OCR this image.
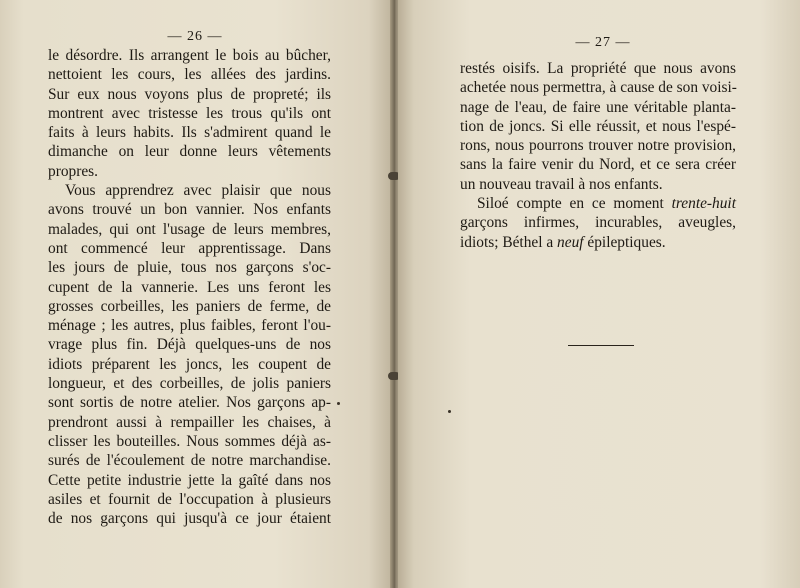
— 26 —
le désordre. Ils arrangent le bois au bûcher,
nettoient les cours, les allées des jardins.
Sur eux nous voyons plus de propreté; ils
montrent avec tristesse les trous qu'ils ont
faits à leurs habits. Ils s'admirent quand le
dimanche on leur donne leurs vêtements
propres.
Vous apprendrez avec plaisir que nous
avons trouvé un bon vannier. Nos enfants
malades, qui ont l'usage de leurs membres,
ont commencé leur apprentissage. Dans
les jours de pluie, tous nos garçons s'oc-
cupent de la vannerie. Les uns feront les
grosses corbeilles, les paniers de ferme, de
ménage ; les autres, plus faibles, feront l'ou-
vrage plus fin. Déjà quelques-uns de nos
idiots préparent les joncs, les coupent de
longueur, et des corbeilles, de jolis paniers
sont sortis de notre atelier. Nos garçons ap-
prendront aussi à rempailler les chaises, à
clisser les bouteilles. Nous sommes déjà as-
surés de l'écoulement de notre marchandise.
Cette petite industrie jette la gaîté dans nos
asiles et fournit de l'occupation à plusieurs
de nos garçons qui jusqu'à ce jour étaient
— 27 —
restés oisifs. La propriété que nous avons
achetée nous permettra, à cause de son voisi-
nage de l'eau, de faire une véritable planta-
tion de joncs. Si elle réussit, et nous l'espé-
rons, nous pourrons trouver notre provision,
sans la faire venir du Nord, et ce sera créer
un nouveau travail à nos enfants.
Siloé compte en ce moment trente-huit
garçons infirmes, incurables, aveugles,
idiots; Béthel a neuf épileptiques.
